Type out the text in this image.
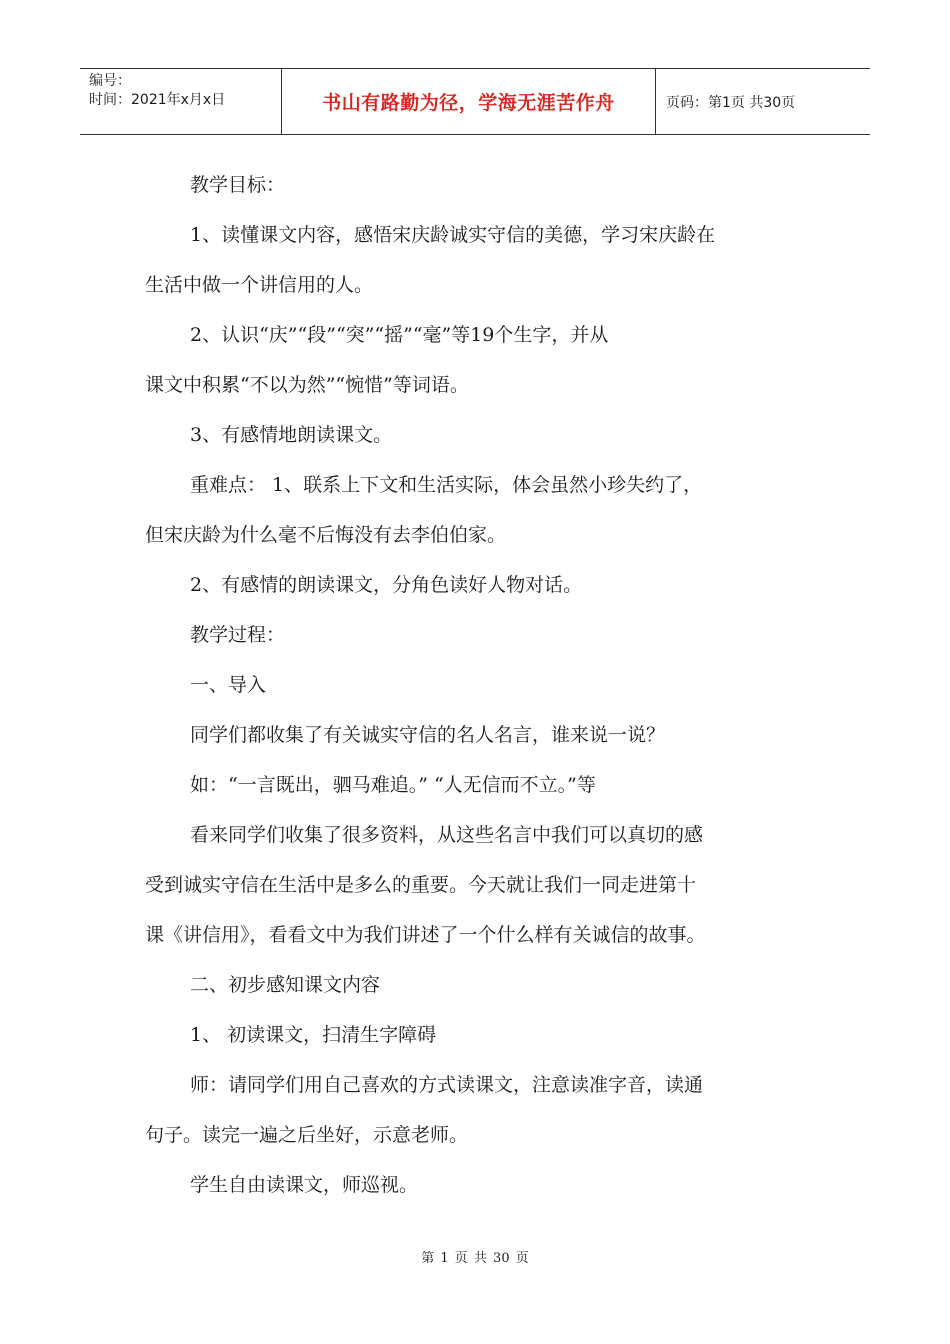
编号：
时间：2021年x月x日	书山有路勤为径，学海无涯苦作舟	页码：第1页 共30页

教学目标：

1、读懂课文内容，感悟宋庆龄诚实守信的美德，学习宋庆龄在

生活中做一个讲信用的人。

2、认识“庆”“段”“突”“摇”“毫”等19个生字，并从

课文中积累“不以为然”“惋惜”等词语。

3、有感情地朗读课文。

重难点： 1、联系上下文和生活实际，体会虽然小珍失约了，

但宋庆龄为什么毫不后悔没有去李伯伯家。

2、有感情的朗读课文，分角色读好人物对话。

教学过程：

一、导入

同学们都收集了有关诚实守信的名人名言，谁来说一说？

如：“一言既出，驷马难追。” “人无信而不立。”等

看来同学们收集了很多资料，从这些名言中我们可以真切的感

受到诚实守信在生活中是多么的重要。今天就让我们一同走进第十

课《讲信用》，看看文中为我们讲述了一个什么样有关诚信的故事。

二、初步感知课文内容

1、 初读课文，扫清生字障碍

师：请同学们用自己喜欢的方式读课文，注意读准字音，读通

句子。读完一遍之后坐好，示意老师。

学生自由读课文，师巡视。

第 1 页 共 30 页
